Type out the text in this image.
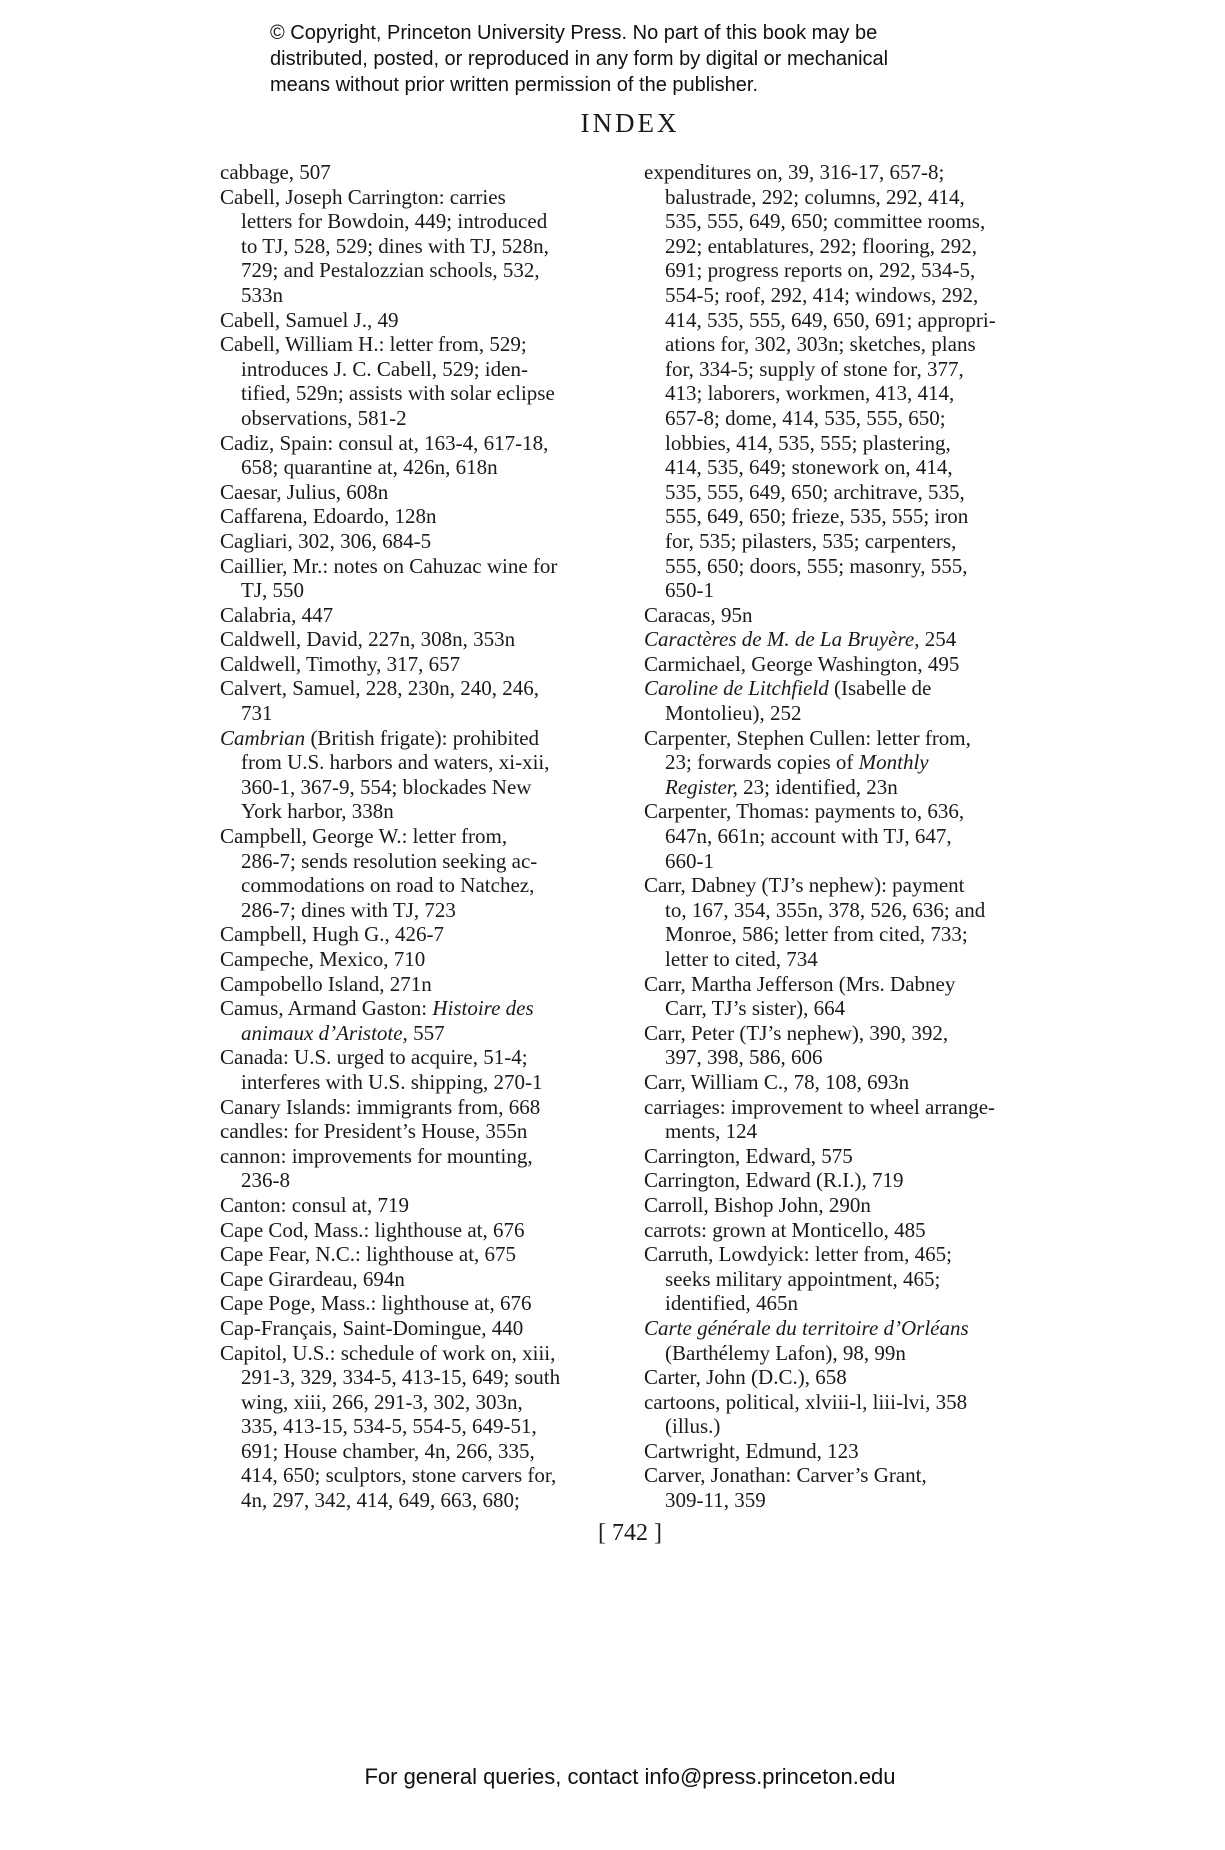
© Copyright, Princeton University Press. No part of this book may be
distributed, posted, or reproduced in any form by digital or mechanical
means without prior written permission of the publisher.
INDEX
cabbage, 507
Cabell, Joseph Carrington: carries
letters for Bowdoin, 449; introduced
to TJ, 528, 529; dines with TJ, 528n,
729; and Pestalozzian schools, 532,
533n
Cabell, Samuel J., 49
Cabell, William H.: letter from, 529;
introduces J. C. Cabell, 529; iden-
tified, 529n; assists with solar eclipse
observations, 581-2
Cadiz, Spain: consul at, 163-4, 617-18,
658; quarantine at, 426n, 618n
Caesar, Julius, 608n
Caffarena, Edoardo, 128n
Cagliari, 302, 306, 684-5
Caillier, Mr.: notes on Cahuzac wine for
TJ, 550
Calabria, 447
Caldwell, David, 227n, 308n, 353n
Caldwell, Timothy, 317, 657
Calvert, Samuel, 228, 230n, 240, 246,
731
Cambrian (British frigate): prohibited
from U.S. harbors and waters, xi-xii,
360-1, 367-9, 554; blockades New
York harbor, 338n
Campbell, George W.: letter from,
286-7; sends resolution seeking ac-
commodations on road to Natchez,
286-7; dines with TJ, 723
Campbell, Hugh G., 426-7
Campeche, Mexico, 710
Campobello Island, 271n
Camus, Armand Gaston: Histoire des
animaux d’Aristote, 557
Canada: U.S. urged to acquire, 51-4;
interferes with U.S. shipping, 270-1
Canary Islands: immigrants from, 668
candles: for President’s House, 355n
cannon: improvements for mounting,
236-8
Canton: consul at, 719
Cape Cod, Mass.: lighthouse at, 676
Cape Fear, N.C.: lighthouse at, 675
Cape Girardeau, 694n
Cape Poge, Mass.: lighthouse at, 676
Cap-Français, Saint-Domingue, 440
Capitol, U.S.: schedule of work on, xiii,
291-3, 329, 334-5, 413-15, 649; south
wing, xiii, 266, 291-3, 302, 303n,
335, 413-15, 534-5, 554-5, 649-51,
691; House chamber, 4n, 266, 335,
414, 650; sculptors, stone carvers for,
4n, 297, 342, 414, 649, 663, 680;
expenditures on, 39, 316-17, 657-8;
balustrade, 292; columns, 292, 414,
535, 555, 649, 650; committee rooms,
292; entablatures, 292; flooring, 292,
691; progress reports on, 292, 534-5,
554-5; roof, 292, 414; windows, 292,
414, 535, 555, 649, 650, 691; appropri-
ations for, 302, 303n; sketches, plans
for, 334-5; supply of stone for, 377,
413; laborers, workmen, 413, 414,
657-8; dome, 414, 535, 555, 650;
lobbies, 414, 535, 555; plastering,
414, 535, 649; stonework on, 414,
535, 555, 649, 650; architrave, 535,
555, 649, 650; frieze, 535, 555; iron
for, 535; pilasters, 535; carpenters,
555, 650; doors, 555; masonry, 555,
650-1
Caracas, 95n
Caractères de M. de La Bruyère, 254
Carmichael, George Washington, 495
Caroline de Litchfield (Isabelle de
Montolieu), 252
Carpenter, Stephen Cullen: letter from,
23; forwards copies of Monthly
Register, 23; identified, 23n
Carpenter, Thomas: payments to, 636,
647n, 661n; account with TJ, 647,
660-1
Carr, Dabney (TJ’s nephew): payment
to, 167, 354, 355n, 378, 526, 636; and
Monroe, 586; letter from cited, 733;
letter to cited, 734
Carr, Martha Jefferson (Mrs. Dabney
Carr, TJ’s sister), 664
Carr, Peter (TJ’s nephew), 390, 392,
397, 398, 586, 606
Carr, William C., 78, 108, 693n
carriages: improvement to wheel arrange-
ments, 124
Carrington, Edward, 575
Carrington, Edward (R.I.), 719
Carroll, Bishop John, 290n
carrots: grown at Monticello, 485
Carruth, Lowdyick: letter from, 465;
seeks military appointment, 465;
identified, 465n
Carte générale du territoire d’Orléans
(Barthélemy Lafon), 98, 99n
Carter, John (D.C.), 658
cartoons, political, xlviii-l, liii-lvi, 358
(illus.)
Cartwright, Edmund, 123
Carver, Jonathan: Carver’s Grant,
309-11, 359
[ 742 ]
For general queries, contact info@press.princeton.edu
